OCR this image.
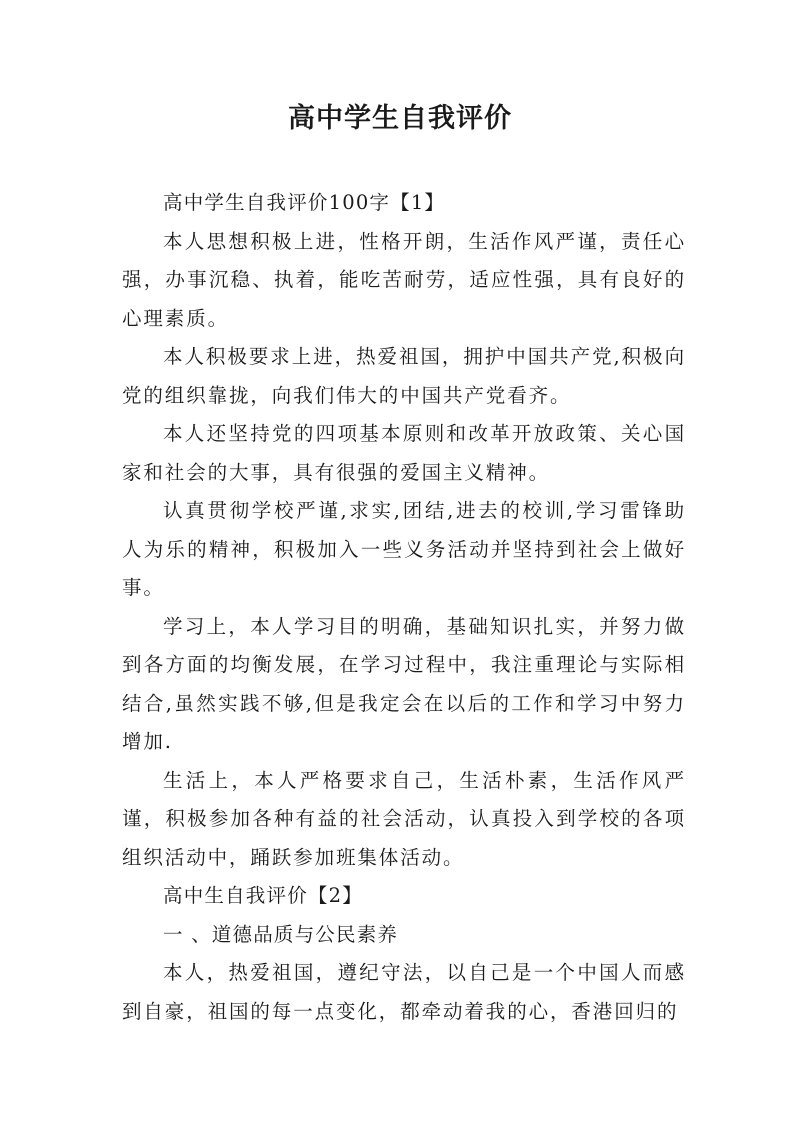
高中学生自我评价

高中学生自我评价100字【1】

本人思想积极上进，性格开朗，生活作风严谨，责任心强，办事沉稳、执着，能吃苦耐劳，适应性强，具有良好的心理素质。

本人积极要求上进，热爱祖国，拥护中国共产党,积极向党的组织靠拢，向我们伟大的中国共产党看齐。

本人还坚持党的四项基本原则和改革开放政策、关心国家和社会的大事，具有很强的爱国主义精神。

认真贯彻学校严谨,求实,团结,进去的校训,学习雷锋助人为乐的精神，积极加入一些义务活动并坚持到社会上做好事。

学习上，本人学习目的明确，基础知识扎实，并努力做到各方面的均衡发展，在学习过程中，我注重理论与实际相结合,虽然实践不够,但是我定会在以后的工作和学习中努力增加.

生活上，本人严格要求自己，生活朴素，生活作风严谨，积极参加各种有益的社会活动，认真投入到学校的各项组织活动中，踊跃参加班集体活动。

高中生自我评价【2】

一 、道德品质与公民素养

本人，热爱祖国，遵纪守法，以自己是一个中国人而感到自豪，祖国的每一点变化，都牵动着我的心，香港回归的
